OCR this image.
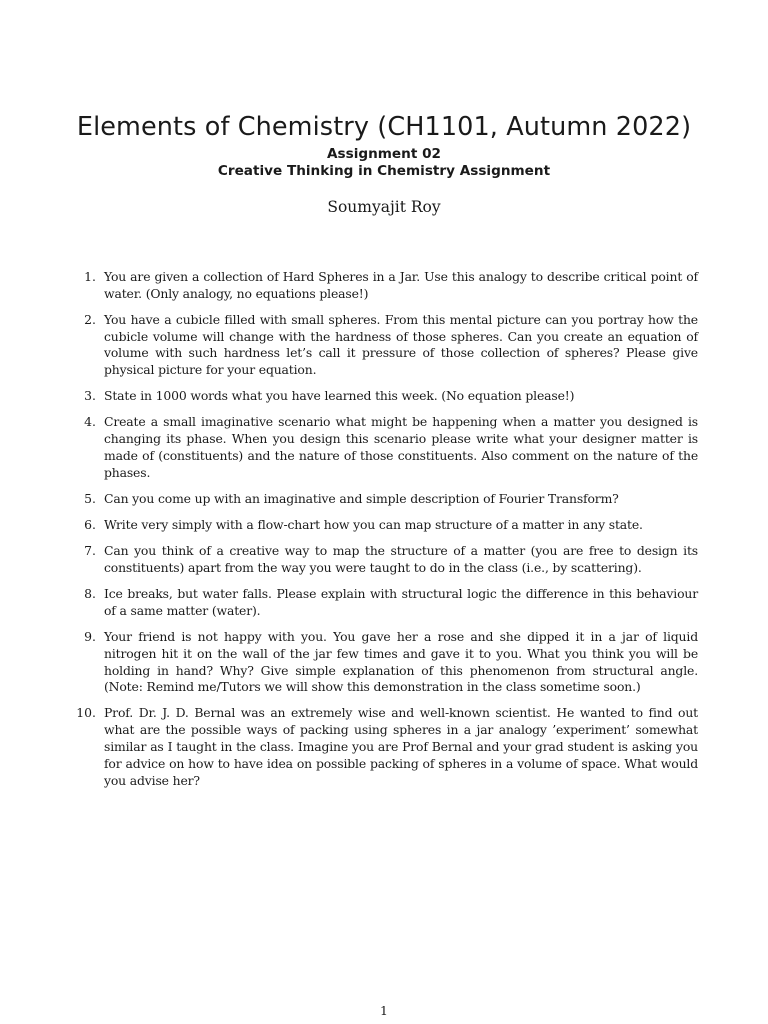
Elements of Chemistry (CH1101, Autumn 2022)
Assignment 02
Creative Thinking in Chemistry Assignment
Soumyajit Roy
1. You are given a collection of Hard Spheres in a Jar. Use this analogy to describe critical point of water. (Only analogy, no equations please!)
2. You have a cubicle filled with small spheres. From this mental picture can you portray how the cubicle volume will change with the hardness of those spheres. Can you create an equation of volume with such hardness let’s call it pressure of those collection of spheres? Please give physical picture for your equation.
3. State in 1000 words what you have learned this week. (No equation please!)
4. Create a small imaginative scenario what might be happening when a matter you designed is changing its phase. When you design this scenario please write what your designer matter is made of (constituents) and the nature of those constituents. Also comment on the nature of the phases.
5. Can you come up with an imaginative and simple description of Fourier Transform?
6. Write very simply with a flow-chart how you can map structure of a matter in any state.
7. Can you think of a creative way to map the structure of a matter (you are free to design its constituents) apart from the way you were taught to do in the class (i.e., by scattering).
8. Ice breaks, but water falls. Please explain with structural logic the difference in this behaviour of a same matter (water).
9. Your friend is not happy with you. You gave her a rose and she dipped it in a jar of liquid nitrogen hit it on the wall of the jar few times and gave it to you. What you think you will be holding in hand? Why? Give simple explanation of this phenomenon from structural angle. (Note: Remind me/Tutors we will show this demonstration in the class sometime soon.)
10. Prof. Dr. J. D. Bernal was an extremely wise and well-known scientist. He wanted to find out what are the possible ways of packing using spheres in a jar analogy ’experiment’ somewhat similar as I taught in the class. Imagine you are Prof Bernal and your grad student is asking you for advice on how to have idea on possible packing of spheres in a volume of space. What would you advise her?
1
